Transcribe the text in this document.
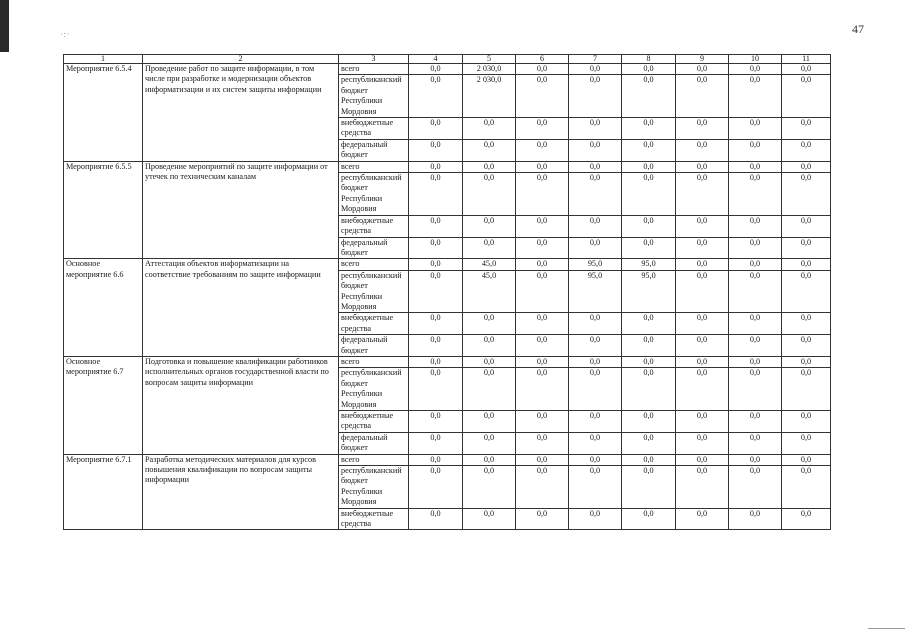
·:·	47
1	2	3	4	5	6	7	8	9	10	11
Мероприятие 6.5.4	Проведение работ по защите информации, в том числе при разработке и модернизации объектов информатизации и их систем защиты информации	всего	0,0	2 030,0	0,0	0,0	0,0	0,0	0,0	0,0
		республиканский бюджет Республики Мордовия	0,0	2 030,0	0,0	0,0	0,0	0,0	0,0	0,0
		внебюджетные средства	0,0	0,0	0,0	0,0	0,0	0,0	0,0	0,0
		федеральный бюджет	0,0	0,0	0,0	0,0	0,0	0,0	0,0	0,0
Мероприятие 6.5.5	Проведение мероприятий по защите информации от утечек по техническим каналам	всего	0,0	0,0	0,0	0,0	0,0	0,0	0,0	0,0
		республиканский бюджет Республики Мордовия	0,0	0,0	0,0	0,0	0,0	0,0	0,0	0,0
		внебюджетные средства	0,0	0,0	0,0	0,0	0,0	0,0	0,0	0,0
		федеральный бюджет	0,0	0,0	0,0	0,0	0,0	0,0	0,0	0,0
Основное мероприятие 6.6	Аттестация объектов информатизации на соответствие требованиям по защите информации	всего	0,0	45,0	0,0	95,0	95,0	0,0	0,0	0,0
		республиканский бюджет Республики Мордовия	0,0	45,0	0,0	95,0	95,0	0,0	0,0	0,0
		внебюджетные средства	0,0	0,0	0,0	0,0	0,0	0,0	0,0	0,0
		федеральный бюджет	0,0	0,0	0,0	0,0	0,0	0,0	0,0	0,0
Основное мероприятие 6.7	Подготовка и повышение квалификации работников исполнительных органов государственной власти по вопросам защиты информации	всего	0,0	0,0	0,0	0,0	0,0	0,0	0,0	0,0
		республиканский бюджет Республики Мордовия	0,0	0,0	0,0	0,0	0,0	0,0	0,0	0,0
		внебюджетные средства	0,0	0,0	0,0	0,0	0,0	0,0	0,0	0,0
		федеральный бюджет	0,0	0,0	0,0	0,0	0,0	0,0	0,0	0,0
Мероприятие 6.7.1	Разработка методических материалов для курсов повышения квалификации по вопросам защиты информации	всего	0,0	0,0	0,0	0,0	0,0	0,0	0,0	0,0
		республиканский бюджет Республики Мордовия	0,0	0,0	0,0	0,0	0,0	0,0	0,0	0,0
		внебюджетные средства	0,0	0,0	0,0	0,0	0,0	0,0	0,0	0,0
